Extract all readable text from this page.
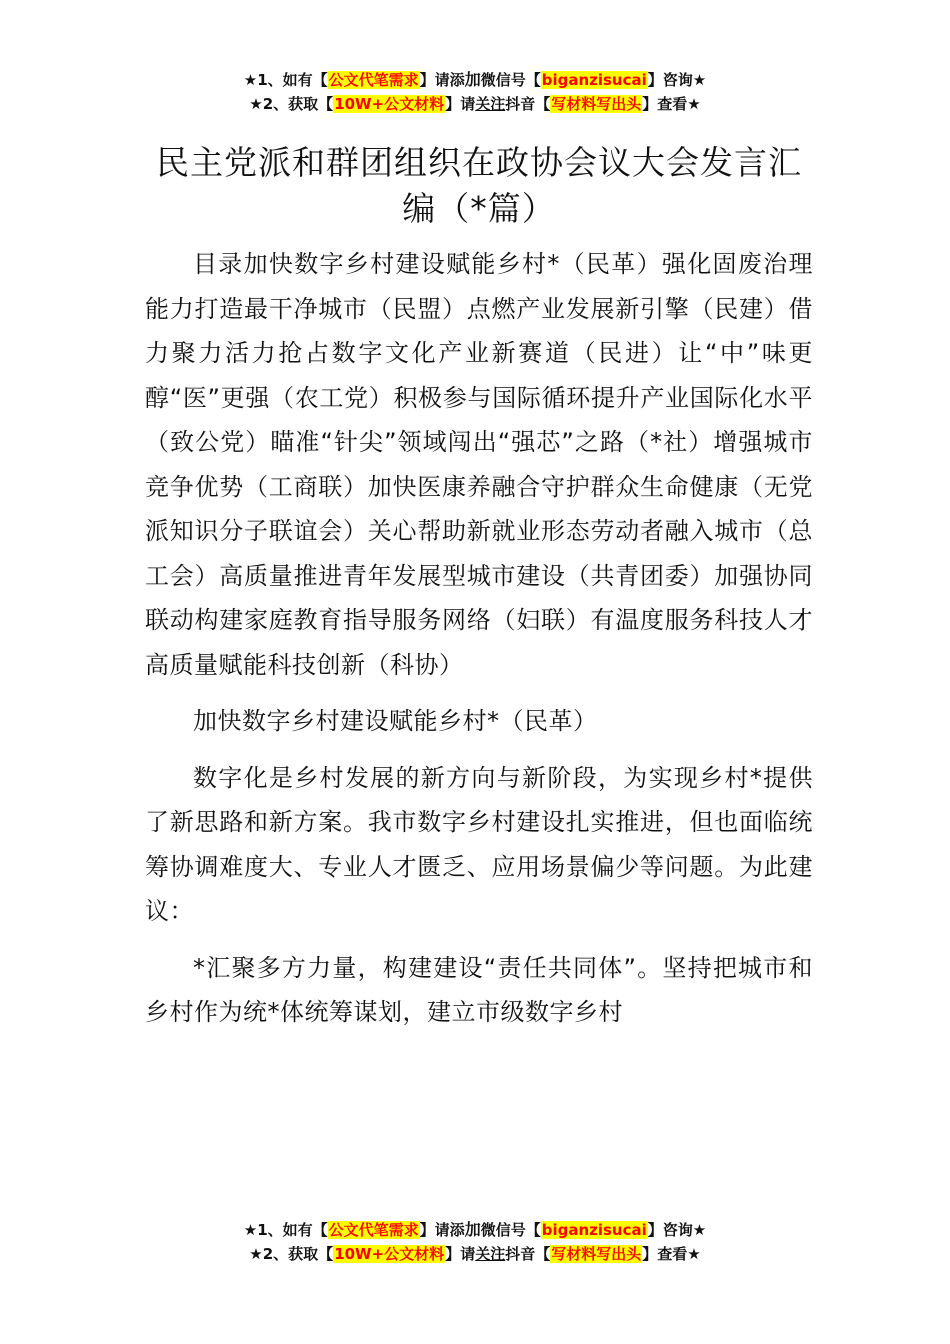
★1、如有【公文代笔需求】请添加微信号【biganzisucai】咨询★
★2、获取【10W+公文材料】请关注抖音【写材料写出头】查看★
民主党派和群团组织在政协会议大会发言汇编（*篇）

目录加快数字乡村建设赋能乡村*（民革）强化固废治理能力打造最干净城市（民盟）点燃产业发展新引擎（民建）借力聚力活力抢占数字文化产业新赛道（民进）让“中”味更醇“医”更强（农工党）积极参与国际循环提升产业国际化水平（致公党）瞄准“针尖”领域闯出“强芯”之路（*社）增强城市竞争优势（工商联）加快医康养融合守护群众生命健康（无党派知识分子联谊会）关心帮助新就业形态劳动者融入城市（总工会）高质量推进青年发展型城市建设（共青团委）加强协同联动构建家庭教育指导服务网络（妇联）有温度服务科技人才高质量赋能科技创新（科协）

加快数字乡村建设赋能乡村*（民革）

数字化是乡村发展的新方向与新阶段，为实现乡村*提供了新思路和新方案。我市数字乡村建设扎实推进，但也面临统筹协调难度大、专业人才匮乏、应用场景偏少等问题。为此建议：

*汇聚多方力量，构建建设“责任共同体”。坚持把城市和乡村作为统*体统筹谋划，建立市级数字乡村

★1、如有【公文代笔需求】请添加微信号【biganzisucai】咨询★
★2、获取【10W+公文材料】请关注抖音【写材料写出头】查看★
